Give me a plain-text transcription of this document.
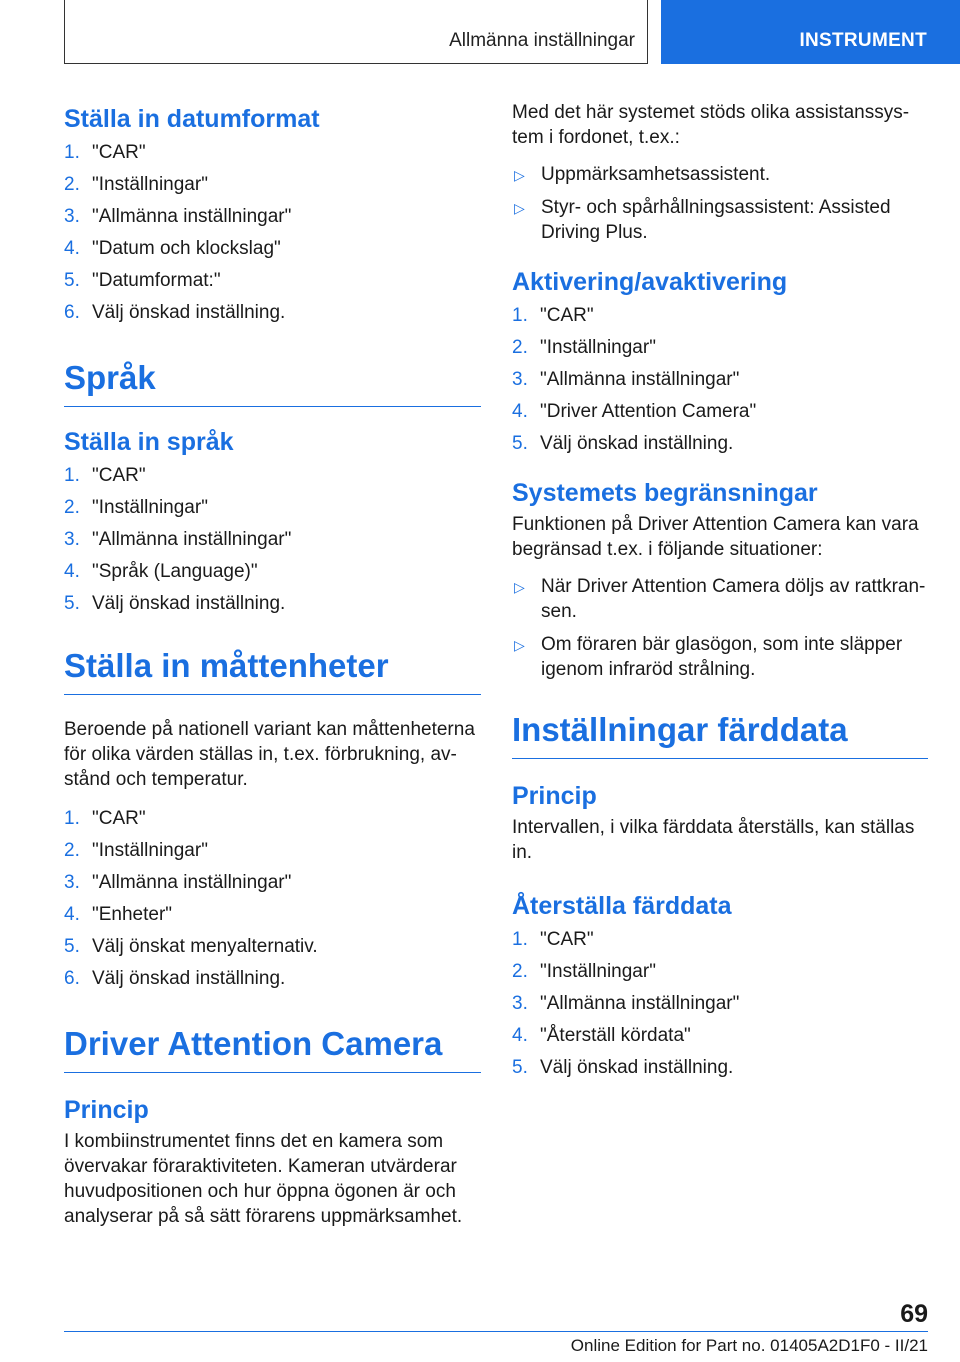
Allmänna inställningar	INSTRUMENT
Ställa in datumformat
1. "CAR"
2. "Inställningar"
3. "Allmänna inställningar"
4. "Datum och klockslag"
5. "Datumformat:"
6. Välj önskad inställning.
Språk
Ställa in språk
1. "CAR"
2. "Inställningar"
3. "Allmänna inställningar"
4. "Språk (Language)"
5. Välj önskad inställning.
Ställa in måttenheter

Beroende på nationell variant kan måttenheterna för olika värden ställas in, t.ex. förbrukning, avstånd och temperatur.

1. "CAR"
2. "Inställningar"
3. "Allmänna inställningar"
4. "Enheter"
5. Välj önskat menyalternativ.
6. Välj önskad inställning.
Driver Attention Camera
Princip

I kombiinstrumentet finns det en kamera som övervakar föraraktiviteten. Kameran utvärderar huvudpositionen och hur öppna ögonen är och analyserar på så sätt förarens uppmärksamhet.

Med det här systemet stöds olika assistanssystem i fordonet, t.ex.:

▷ Uppmärksamhetsassistent.
▷ Styr- och spårhållningsassistent: Assisted Driving Plus.
Aktivering/avaktivering
1. "CAR"
2. "Inställningar"
3. "Allmänna inställningar"
4. "Driver Attention Camera"
5. Välj önskad inställning.
Systemets begränsningar

Funktionen på Driver Attention Camera kan vara begränsad t.ex. i följande situationer:

▷ När Driver Attention Camera döljs av rattkransen.
▷ Om föraren bär glasögon, som inte släpper igenom infraröd strålning.
Inställningar färddata
Princip

Intervallen, i vilka färddata återställs, kan ställas in.

Återställa färddata
1. "CAR"
2. "Inställningar"
3. "Allmänna inställningar"
4. "Återställ kördata"
5. Välj önskad inställning.
69
Online Edition for Part no. 01405A2D1F0 - II/21
